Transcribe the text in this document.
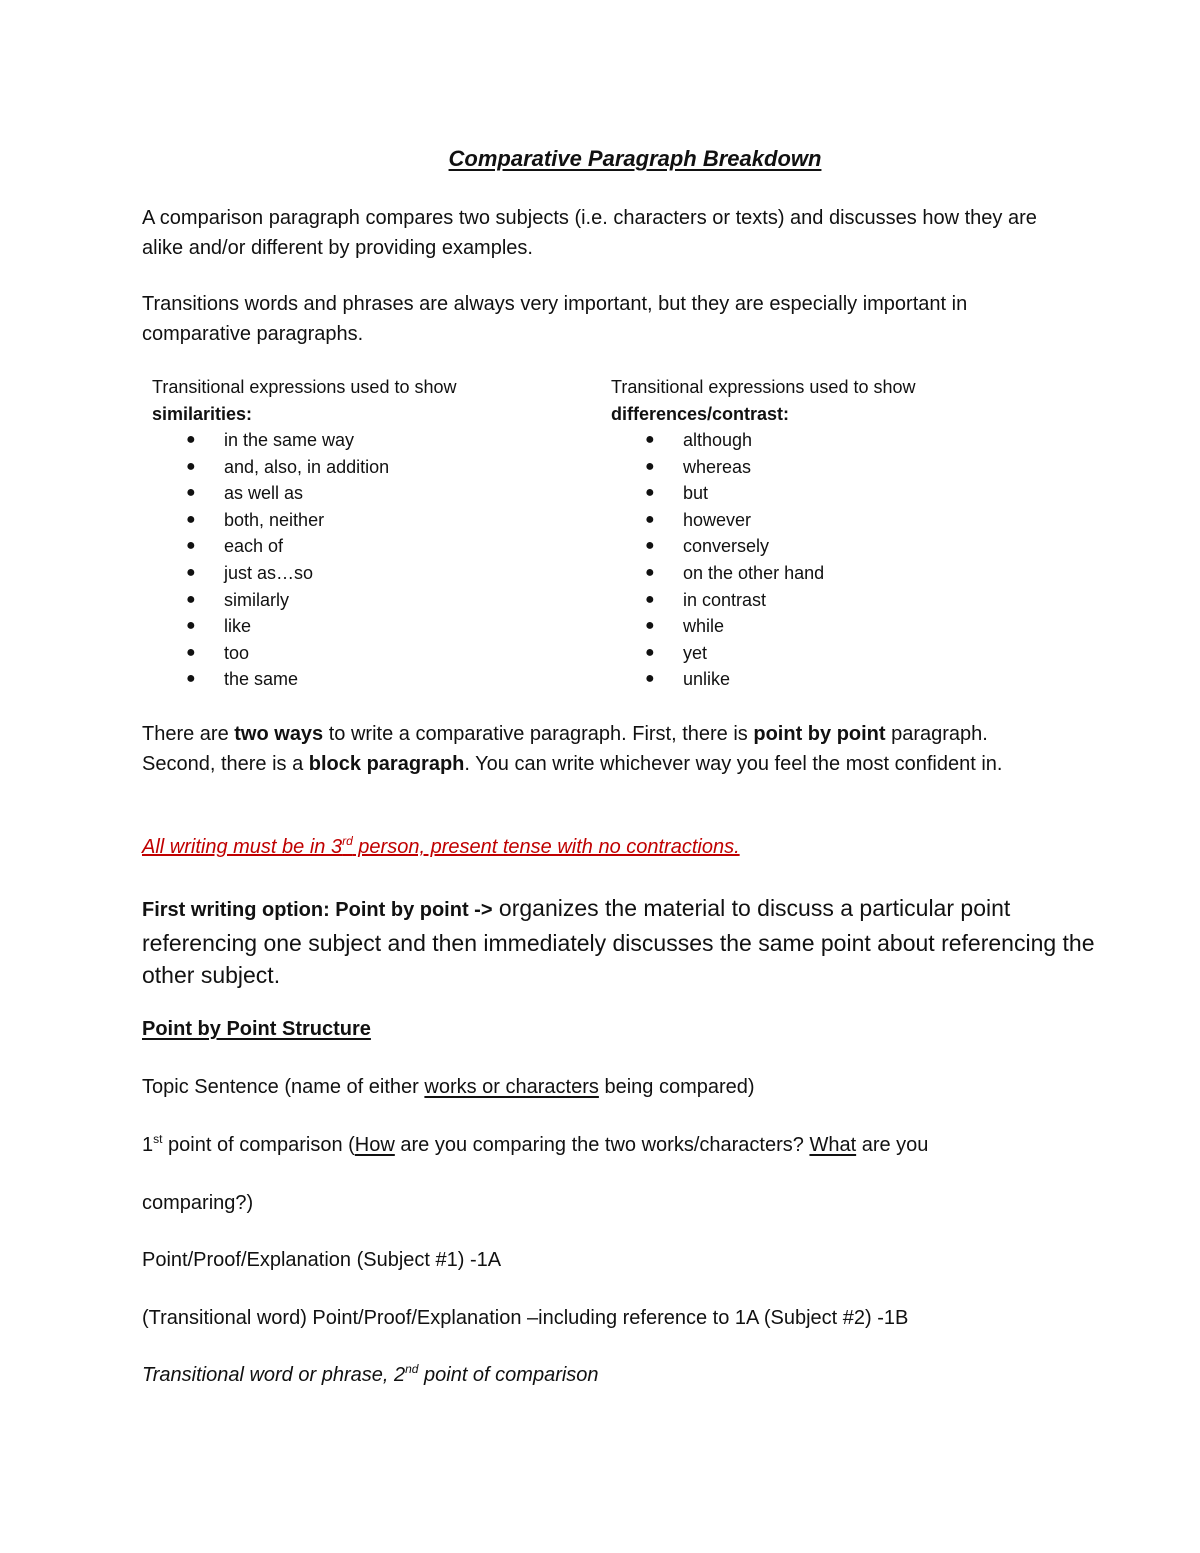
Comparative Paragraph Breakdown
A comparison paragraph compares two subjects (i.e. characters or texts) and discusses how they are alike and/or different by providing examples.
Transitions words and phrases are always very important, but they are especially important in comparative paragraphs.
Transitional expressions used to show
similarities:
● in the same way
● and, also, in addition
● as well as
● both, neither
● each of
● just as…so
● similarly
● like
● too
● the same
Transitional expressions used to show
differences/contrast:
● although
● whereas
● but
● however
● conversely
● on the other hand
● in contrast
● while
● yet
● unlike
There are two ways to write a comparative paragraph. First, there is point by point paragraph. Second, there is a block paragraph. You can write whichever way you feel the most confident in.
All writing must be in 3rd person, present tense with no contractions.
First writing option: Point by point -> organizes the material to discuss a particular point referencing one subject and then immediately discusses the same point about referencing the other subject.
Point by Point Structure
Topic Sentence (name of either works or characters being compared)
1st point of comparison (How are you comparing the two works/characters? What are you
comparing?)
Point/Proof/Explanation (Subject #1) -1A
(Transitional word) Point/Proof/Explanation –including reference to 1A (Subject #2) -1B
Transitional word or phrase, 2nd point of comparison
